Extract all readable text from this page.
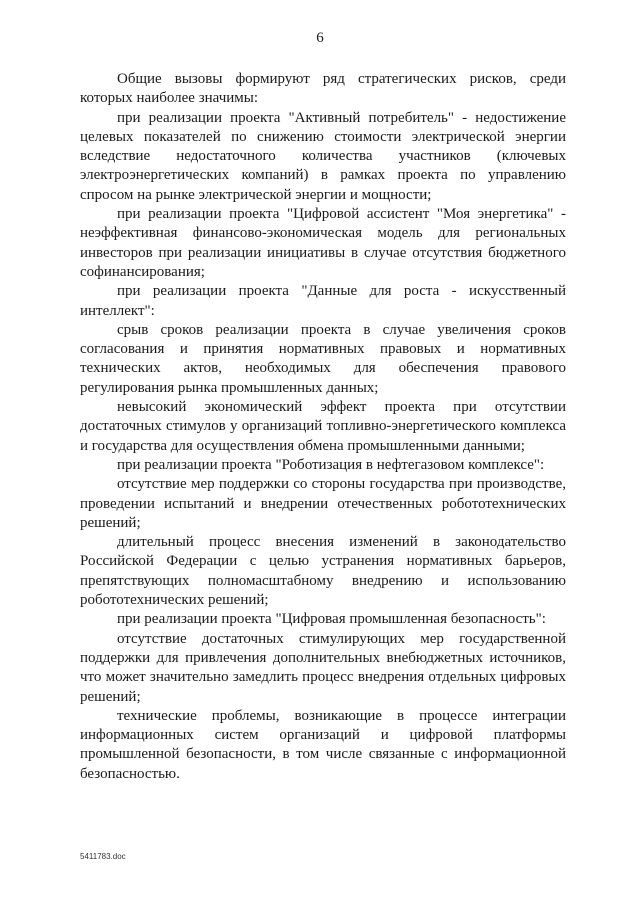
6

Общие вызовы формируют ряд стратегических рисков, среди которых наиболее значимы:

при реализации проекта "Активный потребитель" - недостижение целевых показателей по снижению стоимости электрической энергии вследствие недостаточного количества участников (ключевых электроэнергетических компаний) в рамках проекта по управлению спросом на рынке электрической энергии и мощности;

при реализации проекта "Цифровой ассистент "Моя энергетика" - неэффективная финансово-экономическая модель для региональных инвесторов при реализации инициативы в случае отсутствия бюджетного софинансирования;

при реализации проекта "Данные для роста - искусственный интеллект":

срыв сроков реализации проекта в случае увеличения сроков согласования и принятия нормативных правовых и нормативных технических актов, необходимых для обеспечения правового регулирования рынка промышленных данных;

невысокий экономический эффект проекта при отсутствии достаточных стимулов у организаций топливно-энергетического комплекса и государства для осуществления обмена промышленными данными;

при реализации проекта "Роботизация в нефтегазовом комплексе":

отсутствие мер поддержки со стороны государства при производстве, проведении испытаний и внедрении отечественных робототехнических решений;

длительный процесс внесения изменений в законодательство Российской Федерации с целью устранения нормативных барьеров, препятствующих полномасштабному внедрению и использованию робототехнических решений;

при реализации проекта "Цифровая промышленная безопасность":

отсутствие достаточных стимулирующих мер государственной поддержки для привлечения дополнительных внебюджетных источников, что может значительно замедлить процесс внедрения отдельных цифровых решений;

технические проблемы, возникающие в процессе интеграции информационных систем организаций и цифровой платформы промышленной безопасности, в том числе связанные с информационной безопасностью.

5411783.doc
